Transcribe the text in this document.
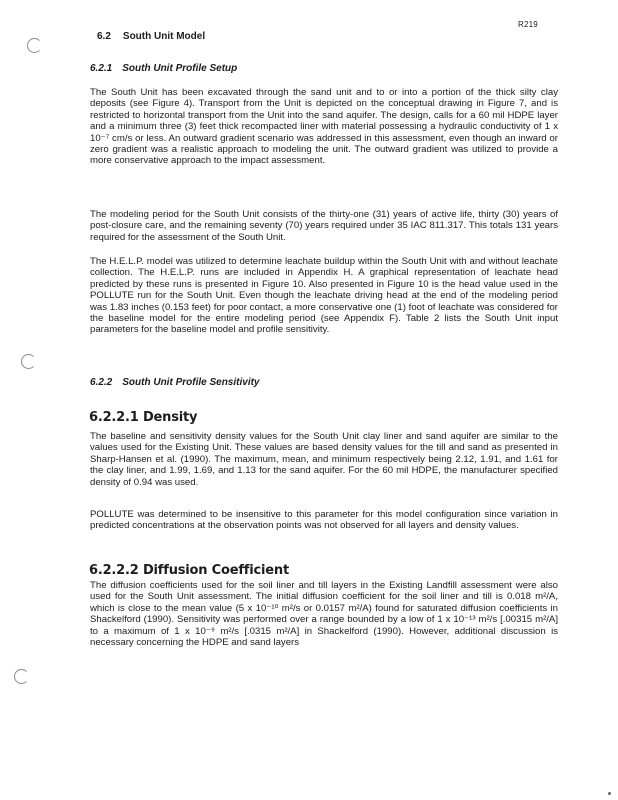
R219
6.2 South Unit Model
6.2.1 South Unit Profile Setup

The South Unit has been excavated through the sand unit and to or into a portion of the thick silty clay deposits (see Figure 4). Transport from the Unit is depicted on the conceptual drawing in Figure 7, and is restricted to horizontal transport from the Unit into the sand aquifer. The design, calls for a 60 mil HDPE layer and a minimum three (3) feet thick recompacted liner with material possessing a hydraulic conductivity of 1 x 10⁻⁷ cm/s or less. An outward gradient scenario was addressed in this assessment, even though an inward or zero gradient was a realistic approach to modeling the unit. The outward gradient was utilized to provide a more conservative approach to the impact assessment.

The modeling period for the South Unit consists of the thirty-one (31) years of active life, thirty (30) years of post-closure care, and the remaining seventy (70) years required under 35 IAC 811.317. This totals 131 years required for the assessment of the South Unit.

The H.E.L.P. model was utilized to determine leachate buildup within the South Unit with and without leachate collection. The H.E.L.P. runs are included in Appendix H. A graphical representation of leachate head predicted by these runs is presented in Figure 10. Also presented in Figure 10 is the head value used in the POLLUTE run for the South Unit. Even though the leachate driving head at the end of the modeling period was 1.83 inches (0.153 feet) for poor contact, a more conservative one (1) foot of leachate was considered for the baseline model for the entire modeling period (see Appendix F). Table 2 lists the South Unit input parameters for the baseline model and profile sensitivity.

6.2.2 South Unit Profile Sensitivity
6.2.2.1 Density

The baseline and sensitivity density values for the South Unit clay liner and sand aquifer are similar to the values used for the Existing Unit. These values are based density values for the till and sand as presented in Sharp-Hansen et al. (1990). The maximum, mean, and minimum respectively being 2.12, 1.91, and 1.61 for the clay liner, and 1.99, 1.69, and 1.13 for the sand aquifer. For the 60 mil HDPE, the manufacturer specified density of 0.94 was used.

POLLUTE was determined to be insensitive to this parameter for this model configuration since variation in predicted concentrations at the observation points was not observed for all layers and density values.

6.2.2.2 Diffusion Coefficient

The diffusion coefficients used for the soil liner and till layers in the Existing Landfill assessment were also used for the South Unit assessment. The initial diffusion coefficient for the soil liner and till is 0.018 m²/A, which is close to the mean value (5 x 10⁻¹⁰ m²/s or 0.0157 m²/A) found for saturated diffusion coefficients in Shackelford (1990). Sensitivity was performed over a range bounded by a low of 1 x 10⁻¹³ m²/s [.00315 m²/A] to a maximum of 1 x 10⁻⁹ m²/s [.0315 m²/A] in Shackelford (1990). However, additional discussion is necessary concerning the HDPE and sand layers
